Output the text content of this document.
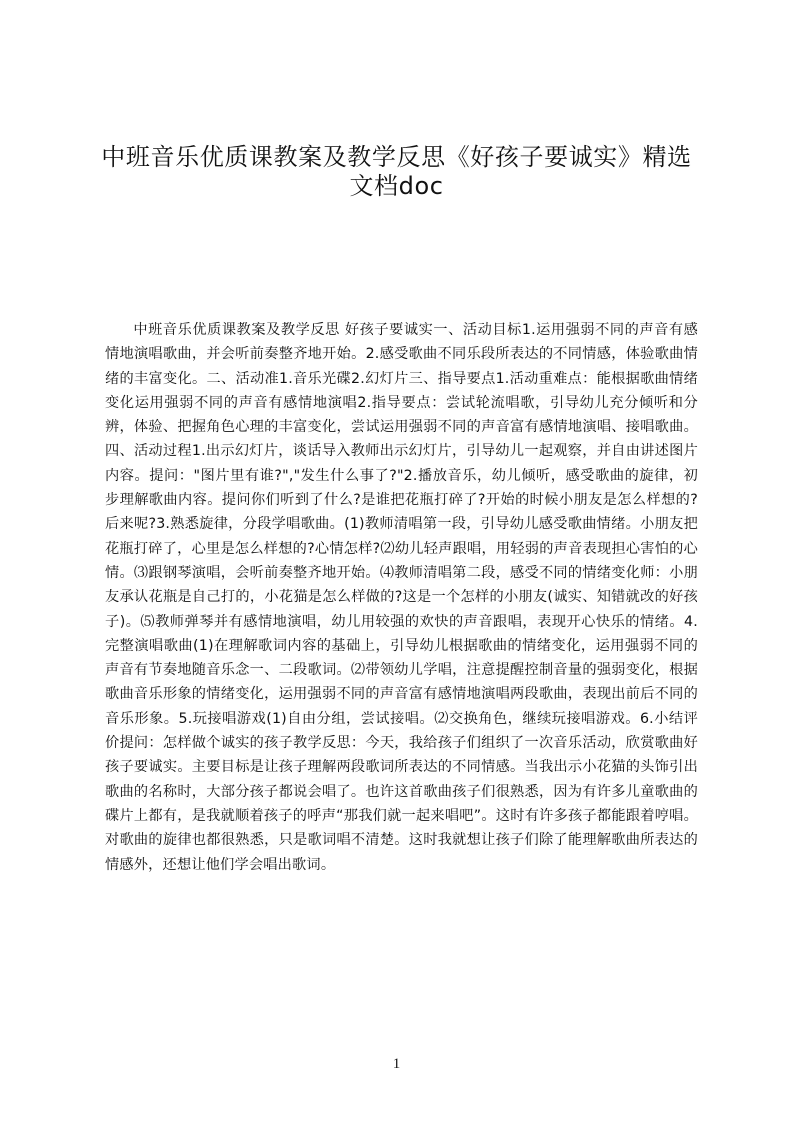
中班音乐优质课教案及教学反思《好孩子要诚实》精选文档doc

中班音乐优质课教案及教学反思 好孩子要诚实一、活动目标1.运用强弱不同的声音有感情地演唱歌曲，并会听前奏整齐地开始。2.感受歌曲不同乐段所表达的不同情感，体验歌曲情绪的丰富变化。二、活动准1.音乐光碟2.幻灯片三、指导要点1.活动重难点：能根据歌曲情绪变化运用强弱不同的声音有感情地演唱2.指导要点：尝试轮流唱歌，引导幼儿充分倾听和分辨，体验、把握角色心理的丰富变化，尝试运用强弱不同的声音富有感情地演唱、接唱歌曲。四、活动过程1.出示幻灯片，谈话导入教师出示幻灯片，引导幼儿一起观察，并自由讲述图片内容。提问："图片里有谁?","发生什么事了?"2.播放音乐，幼儿倾听，感受歌曲的旋律，初步理解歌曲内容。提问你们听到了什么?是谁把花瓶打碎了?开始的时候小朋友是怎么样想的?后来呢?3.熟悉旋律，分段学唱歌曲。(1)教师清唱第一段，引导幼儿感受歌曲情绪。小朋友把花瓶打碎了，心里是怎么样想的?心情怎样?⑵幼儿轻声跟唱，用轻弱的声音表现担心害怕的心情。⑶跟钢琴演唱，会听前奏整齐地开始。⑷教师清唱第二段，感受不同的情绪变化师：小朋友承认花瓶是自己打的，小花猫是怎么样做的?这是一个怎样的小朋友(诚实、知错就改的好孩子)。⑸教师弹琴并有感情地演唱，幼儿用较强的欢快的声音跟唱，表现开心快乐的情绪。4.完整演唱歌曲(1)在理解歌词内容的基础上，引导幼儿根据歌曲的情绪变化，运用强弱不同的声音有节奏地随音乐念一、二段歌词。⑵带领幼儿学唱，注意提醒控制音量的强弱变化，根据歌曲音乐形象的情绪变化，运用强弱不同的声音富有感情地演唱两段歌曲，表现出前后不同的音乐形象。5.玩接唱游戏(1)自由分组，尝试接唱。⑵交换角色，继续玩接唱游戏。6.小结评价提问：怎样做个诚实的孩子教学反思：今天，我给孩子们组织了一次音乐活动，欣赏歌曲好孩子要诚实。主要目标是让孩子理解两段歌词所表达的不同情感。当我出示小花猫的头饰引出歌曲的名称时，大部分孩子都说会唱了。也许这首歌曲孩子们很熟悉，因为有许多儿童歌曲的碟片上都有，是我就顺着孩子的呼声“那我们就一起来唱吧”。这时有许多孩子都能跟着哼唱。对歌曲的旋律也都很熟悉，只是歌词唱不清楚。这时我就想让孩子们除了能理解歌曲所表达的情感外，还想让他们学会唱出歌词。

1
